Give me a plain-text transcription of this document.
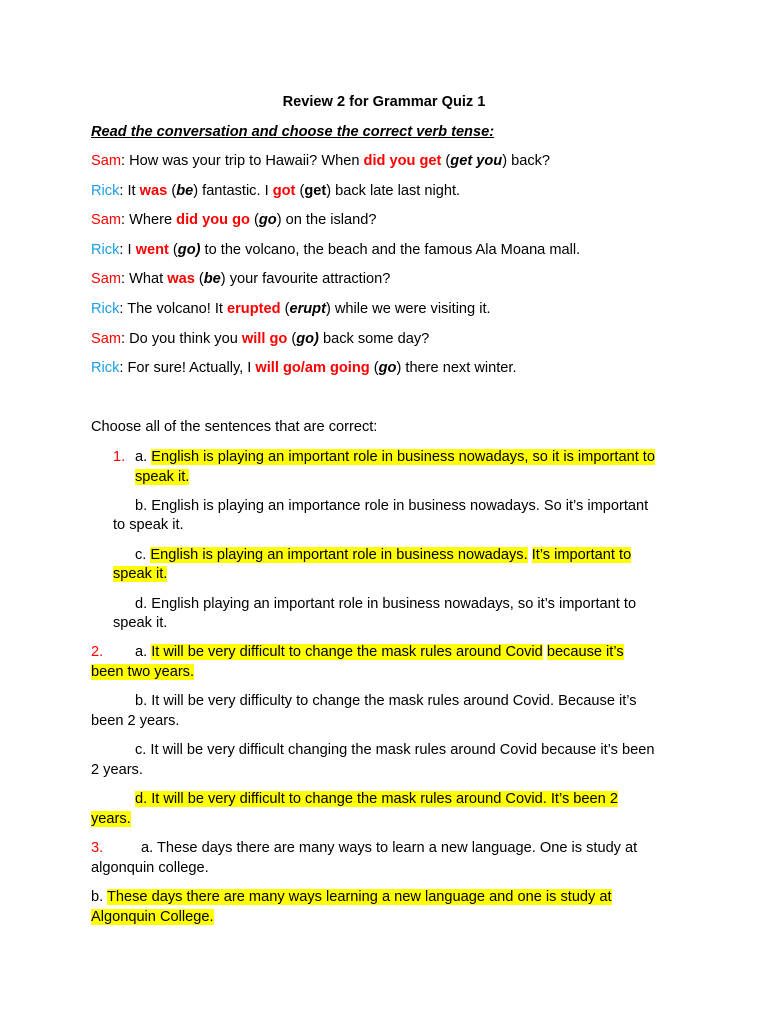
Review 2 for Grammar Quiz 1
Read the conversation and choose the correct verb tense:
Sam: How was your trip to Hawaii? When did you get (get you) back?
Rick: It was (be) fantastic. I got (get) back late last night.
Sam: Where did you go (go) on the island?
Rick: I went (go) to the volcano, the beach and the famous Ala Moana mall.
Sam: What was (be) your favourite attraction?
Rick: The volcano! It erupted (erupt) while we were visiting it.
Sam: Do you think you will go (go) back some day?
Rick: For sure! Actually, I will go/am going (go) there next winter.
Choose all of the sentences that are correct:
1. a. English is playing an important role in business nowadays, so it is important to
speak it.
b. English is playing an importance role in business nowadays. So it’s important
to speak it.
c. English is playing an important role in business nowadays. It’s important to
speak it.
d. English playing an important role in business nowadays, so it’s important to
speak it.
2. a. It will be very difficult to change the mask rules around Covid because it’s
been two years.
b. It will be very difficulty to change the mask rules around Covid. Because it’s
been 2 years.
c. It will be very difficult changing the mask rules around Covid because it’s been
2 years.
d. It will be very difficult to change the mask rules around Covid. It’s been 2
years.
3.	a. These days there are many ways to learn a new language. One is study at
algonquin college.
b. These days there are many ways learning a new language and one is study at
Algonquin College.
